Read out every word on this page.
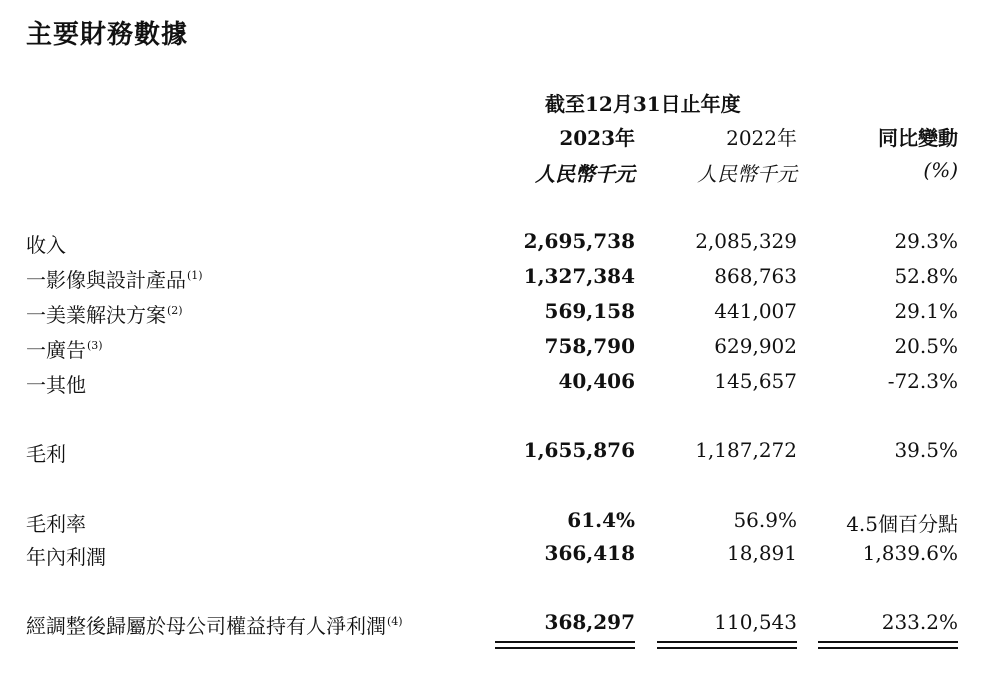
主要財務數據
截至12月31日止年度
2023年	2022年	同比變動
人民幣千元	人民幣千元	(%)
收入	2,695,738	2,085,329	29.3%
一影像與設計產品$^{(1)}$	1,327,384	868,763	52.8%
一美業解決方案$^{(2)}$	569,158	441,007	29.1%
一廣告$^{(3)}$	758,790	629,902	20.5%
一其他	40,406	145,657	-72.3%
毛利	1,655,876	1,187,272	39.5%
毛利率	61.4%	56.9% 4.5個百分點
年內利潤	366,418	18,891	1,839.6%
經調整後歸屬於母公司權益持有人淨利潤$^{(4)}$	368,297	110,543	233.2%
